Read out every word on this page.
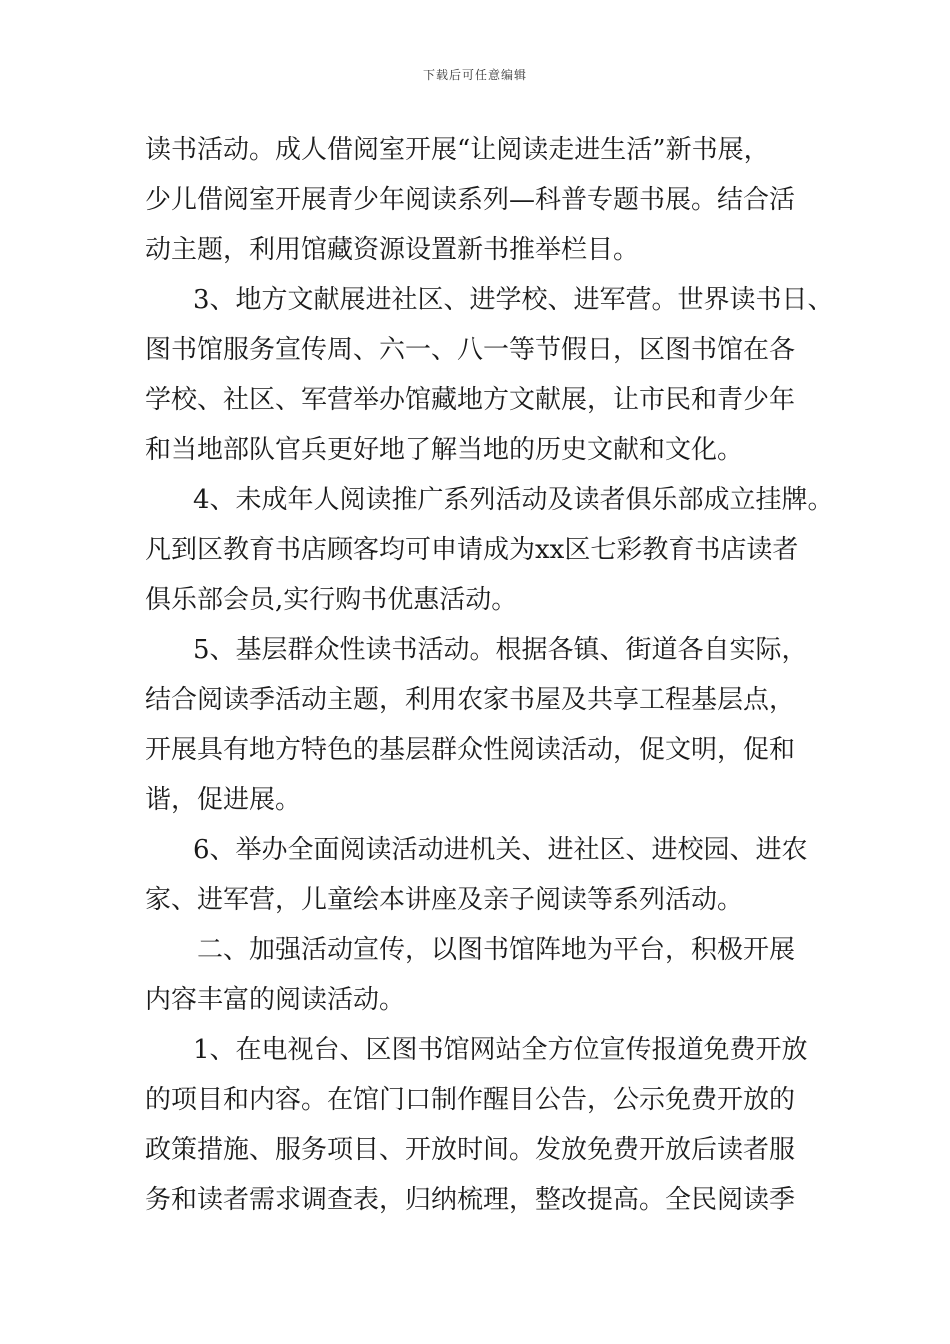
下载后可任意编辑
读书活动。成人借阅室开展“让阅读走进生活”新书展，
少儿借阅室开展青少年阅读系列—科普专题书展。结合活
动主题，利用馆藏资源设置新书推举栏目。
3、地方文献展进社区、进学校、进军营。世界读书日、
图书馆服务宣传周、六一、八一等节假日，区图书馆在各
学校、社区、军营举办馆藏地方文献展，让市民和青少年
和当地部队官兵更好地了解当地的历史文献和文化。
4、未成年人阅读推广系列活动及读者俱乐部成立挂牌。
凡到区教育书店顾客均可申请成为xx区七彩教育书店读者
俱乐部会员,实行购书优惠活动。
5、基层群众性读书活动。根据各镇、街道各自实际，
结合阅读季活动主题，利用农家书屋及共享工程基层点，
开展具有地方特色的基层群众性阅读活动，促文明，促和
谐，促进展。
6、举办全面阅读活动进机关、进社区、进校园、进农
家、进军营，儿童绘本讲座及亲子阅读等系列活动。
二、加强活动宣传，以图书馆阵地为平台，积极开展
内容丰富的阅读活动。
1、在电视台、区图书馆网站全方位宣传报道免费开放
的项目和内容。在馆门口制作醒目公告，公示免费开放的
政策措施、服务项目、开放时间。发放免费开放后读者服
务和读者需求调查表，归纳梳理，整改提高。全民阅读季
